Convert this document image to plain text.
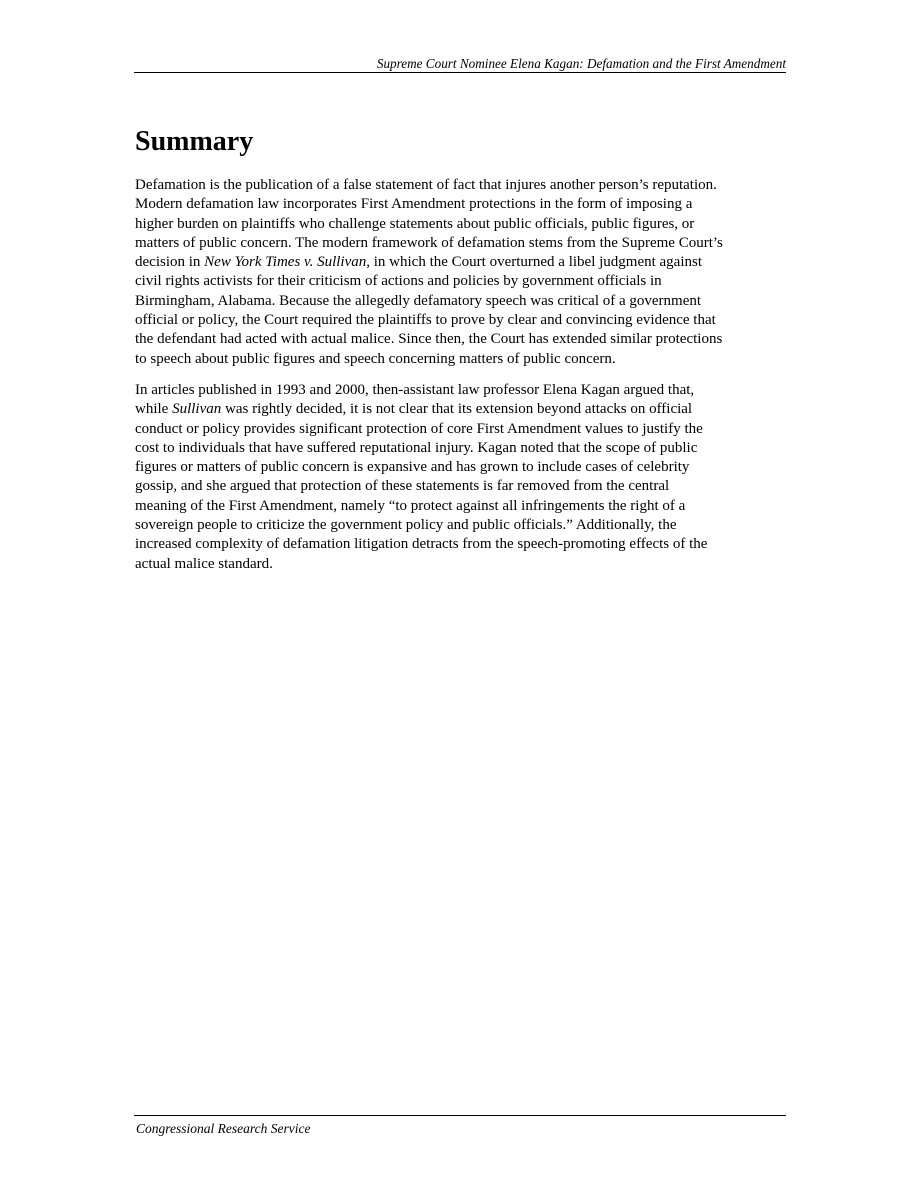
Supreme Court Nominee Elena Kagan: Defamation and the First Amendment
Summary

Defamation is the publication of a false statement of fact that injures another person’s reputation.
Modern defamation law incorporates First Amendment protections in the form of imposing a
higher burden on plaintiffs who challenge statements about public officials, public figures, or
matters of public concern. The modern framework of defamation stems from the Supreme Court’s
decision in New York Times v. Sullivan, in which the Court overturned a libel judgment against
civil rights activists for their criticism of actions and policies by government officials in
Birmingham, Alabama. Because the allegedly defamatory speech was critical of a government
official or policy, the Court required the plaintiffs to prove by clear and convincing evidence that
the defendant had acted with actual malice. Since then, the Court has extended similar protections
to speech about public figures and speech concerning matters of public concern.

In articles published in 1993 and 2000, then-assistant law professor Elena Kagan argued that,
while Sullivan was rightly decided, it is not clear that its extension beyond attacks on official
conduct or policy provides significant protection of core First Amendment values to justify the
cost to individuals that have suffered reputational injury. Kagan noted that the scope of public
figures or matters of public concern is expansive and has grown to include cases of celebrity
gossip, and she argued that protection of these statements is far removed from the central
meaning of the First Amendment, namely “to protect against all infringements the right of a
sovereign people to criticize the government policy and public officials.” Additionally, the
increased complexity of defamation litigation detracts from the speech-promoting effects of the
actual malice standard.

Congressional Research Service
